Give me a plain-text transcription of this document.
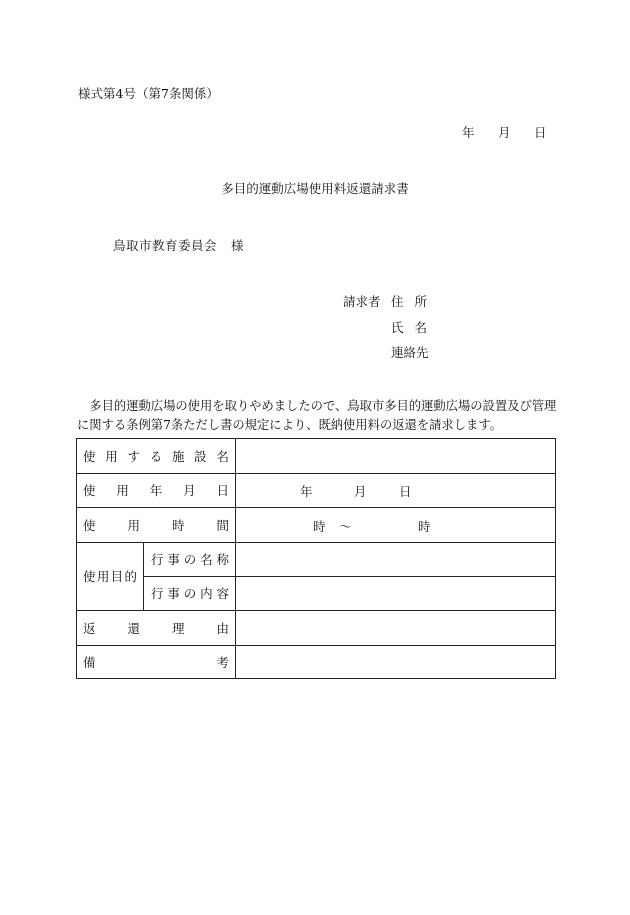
様式第4号（第7条関係）
年 月 日
多目的運動広場使用料返還請求書
鳥取市教育委員会 様
請求者 住所
氏名
連絡先
　多目的運動広場の使用を取りやめましたので、鳥取市多目的運動広場の設置及び管理に関する条例第7条ただし書の規定により、既納使用料の返還を請求します。
使 用 す る 施 設 名
使 用 年 月 日	年	月	日
使	用	時	間	時 ～	時
使 用 目 的
行 事 の 名 称
行 事 の 内 容
返	還	理	由
備	考
